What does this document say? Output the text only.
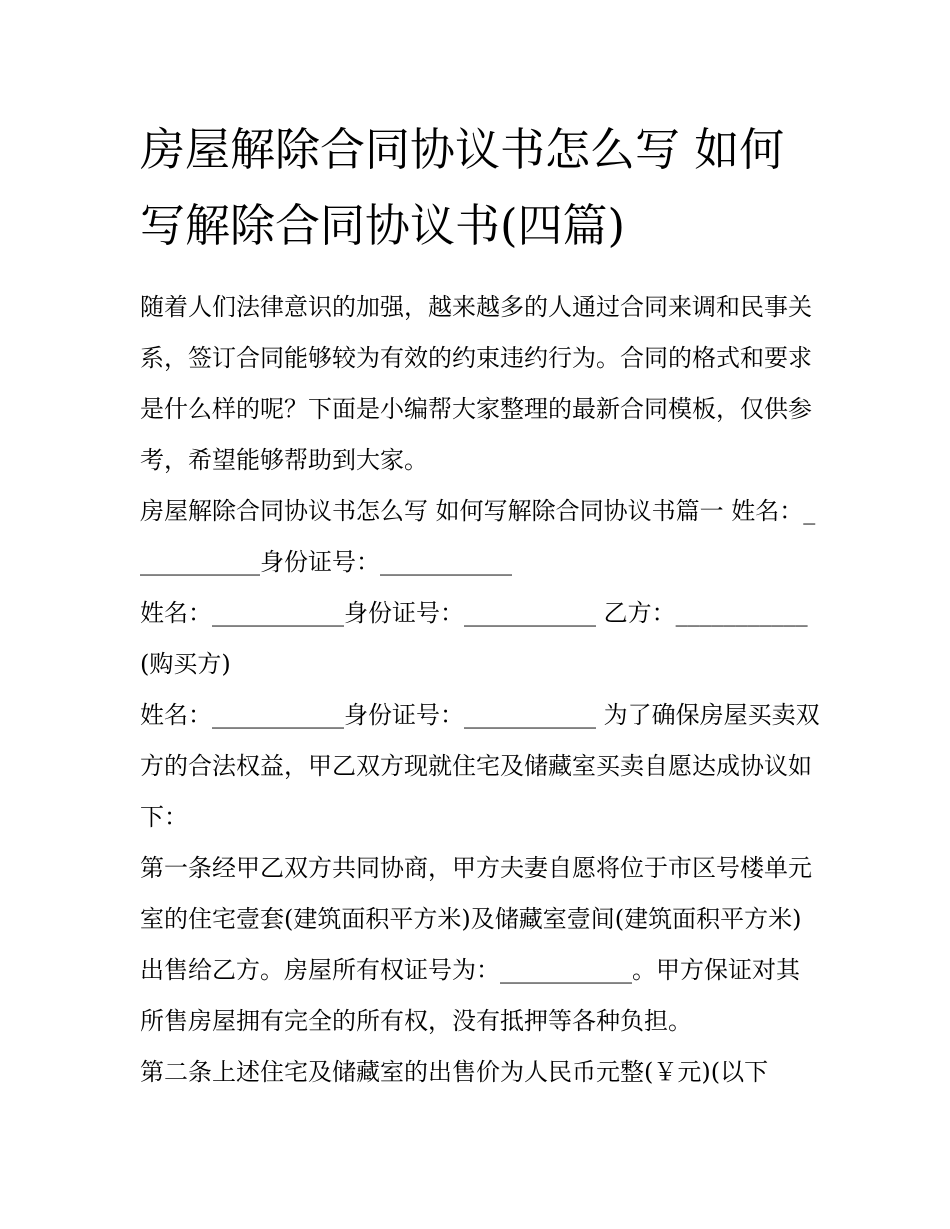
房屋解除合同协议书怎么写 如何写解除合同协议书(四篇)

随着人们法律意识的加强，越来越多的人通过合同来调和民事关系，签订合同能够较为有效的约束违约行为。合同的格式和要求是什么样的呢？下面是小编帮大家整理的最新合同模板，仅供参考，希望能够帮助到大家。

房屋解除合同协议书怎么写 如何写解除合同协议书篇一 姓名：___________身份证号：___________

姓名：___________身份证号：___________ 乙方：___________(购买方)

姓名：___________身份证号：___________ 为了确保房屋买卖双方的合法权益，甲乙双方现就住宅及储藏室买卖自愿达成协议如下：

第一条经甲乙双方共同协商，甲方夫妻自愿将位于市区号楼单元室的住宅壹套(建筑面积平方米)及储藏室壹间(建筑面积平方米)出售给乙方。房屋所有权证号为：___________。甲方保证对其所售房屋拥有完全的所有权，没有抵押等各种负担。

第二条上述住宅及储藏室的出售价为人民币元整(￥元)(以下
